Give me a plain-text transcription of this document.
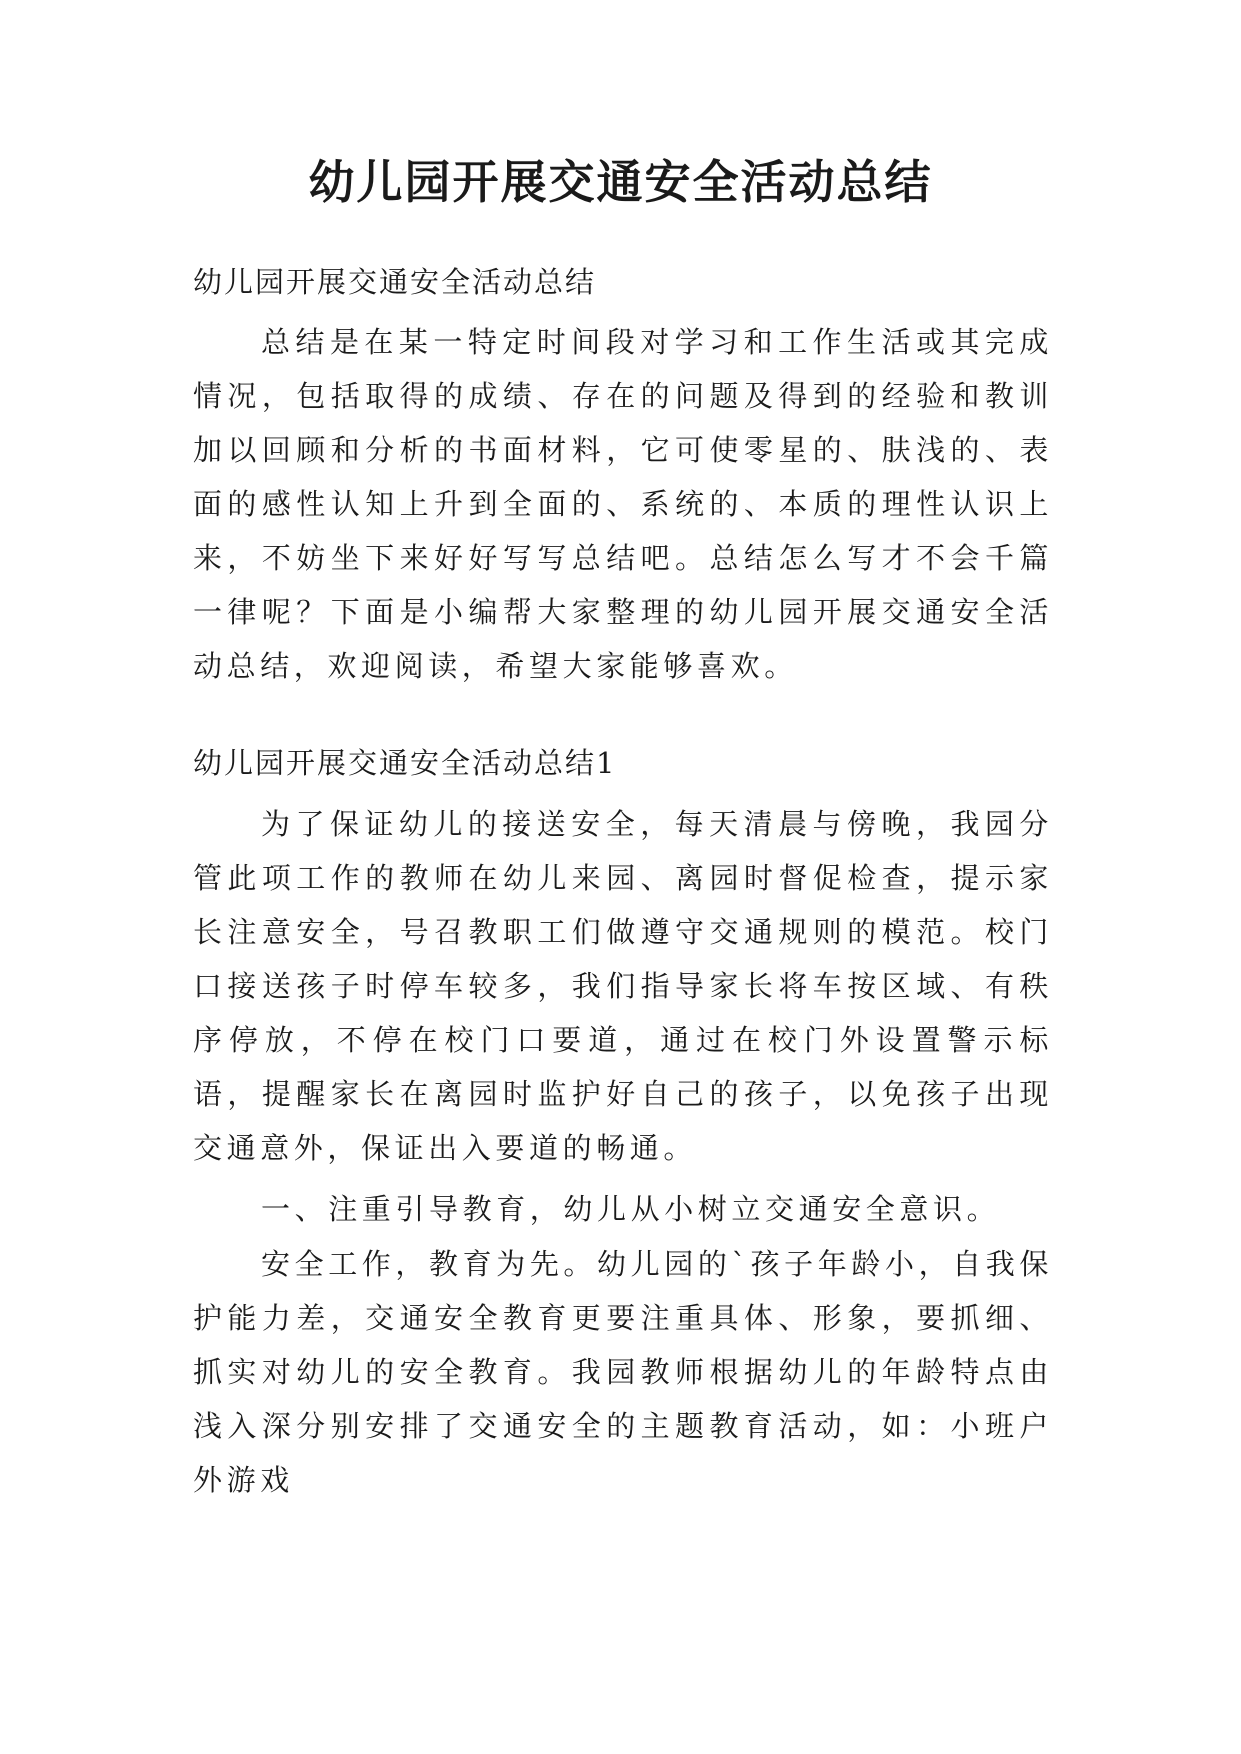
幼儿园开展交通安全活动总结
幼儿园开展交通安全活动总结
总结是在某一特定时间段对学习和工作生活或其完成情况，包括取得的成绩、存在的问题及得到的经验和教训加以回顾和分析的书面材料，它可使零星的、肤浅的、表面的感性认知上升到全面的、系统的、本质的理性认识上来，不妨坐下来好好写写总结吧。总结怎么写才不会千篇一律呢？下面是小编帮大家整理的幼儿园开展交通安全活动总结，欢迎阅读，希望大家能够喜欢。
幼儿园开展交通安全活动总结1
为了保证幼儿的接送安全，每天清晨与傍晚，我园分管此项工作的教师在幼儿来园、离园时督促检查，提示家长注意安全，号召教职工们做遵守交通规则的模范。校门口接送孩子时停车较多，我们指导家长将车按区域、有秩序停放，不停在校门口要道，通过在校门外设置警示标语，提醒家长在离园时监护好自己的孩子，以免孩子出现交通意外，保证出入要道的畅通。
一、注重引导教育，幼儿从小树立交通安全意识。
安全工作，教育为先。幼儿园的`孩子年龄小，自我保护能力差，交通安全教育更要注重具体、形象，要抓细、抓实对幼儿的安全教育。我园教师根据幼儿的年龄特点由浅入深分别安排了交通安全的主题教育活动，如：小班户外游戏
